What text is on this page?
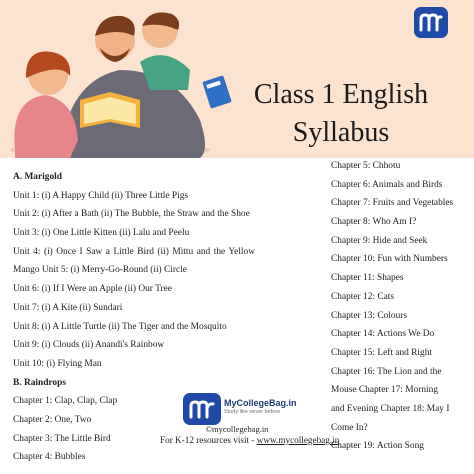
Class 1 English
Syllabus
A. Marigold
Unit 1: (i) A Happy Child (ii) Three Little Pigs
Unit 2: (i) After a Bath (ii) The Bubble, the Straw and the Shoe
Unit 3: (i) One Little Kitten (ii) Lalu and Peelu
Unit 4: (i) Once I Saw a Little Bird (ii) Mittu and the Yellow
Mango Unit 5: (i) Merry-Go-Round (ii) Circle
Unit 6: (i) If I Were an Apple (ii) Our Tree
Unit 7: (i) A Kite (ii) Sundari
Unit 8: (i) A Little Turtle (ii) The Tiger and the Mosquito
Unit 9: (i) Clouds (ii) Anandi's Rainbow
Unit 10: (i) Flying Man
B. Raindrops
Chapter 1: Clap, Clap, Clap
Chapter 2: One, Two
Chapter 3: The Little Bird
Chapter 4: Bubbles
Chapter 5: Chhotu
Chapter 6: Animals and Birds
Chapter 7: Fruits and Vegetables
Chapter 8: Who Am I?
Chapter 9: Hide and Seek
Chapter 10: Fun with Numbers
Chapter 11: Shapes
Chapter 12: Cats
Chapter 13: Colours
Chapter 14: Actions We Do
Chapter 15: Left and Right
Chapter 16: The Lion and the
Mouse Chapter 17: Morning
and Evening Chapter 18: May I
Come In?
Chapter 19: Action Song
MyCollegeBag.in
Study like never before
©mycollegebag.in
For K-12 resources visit - www.mycollegebag.in
